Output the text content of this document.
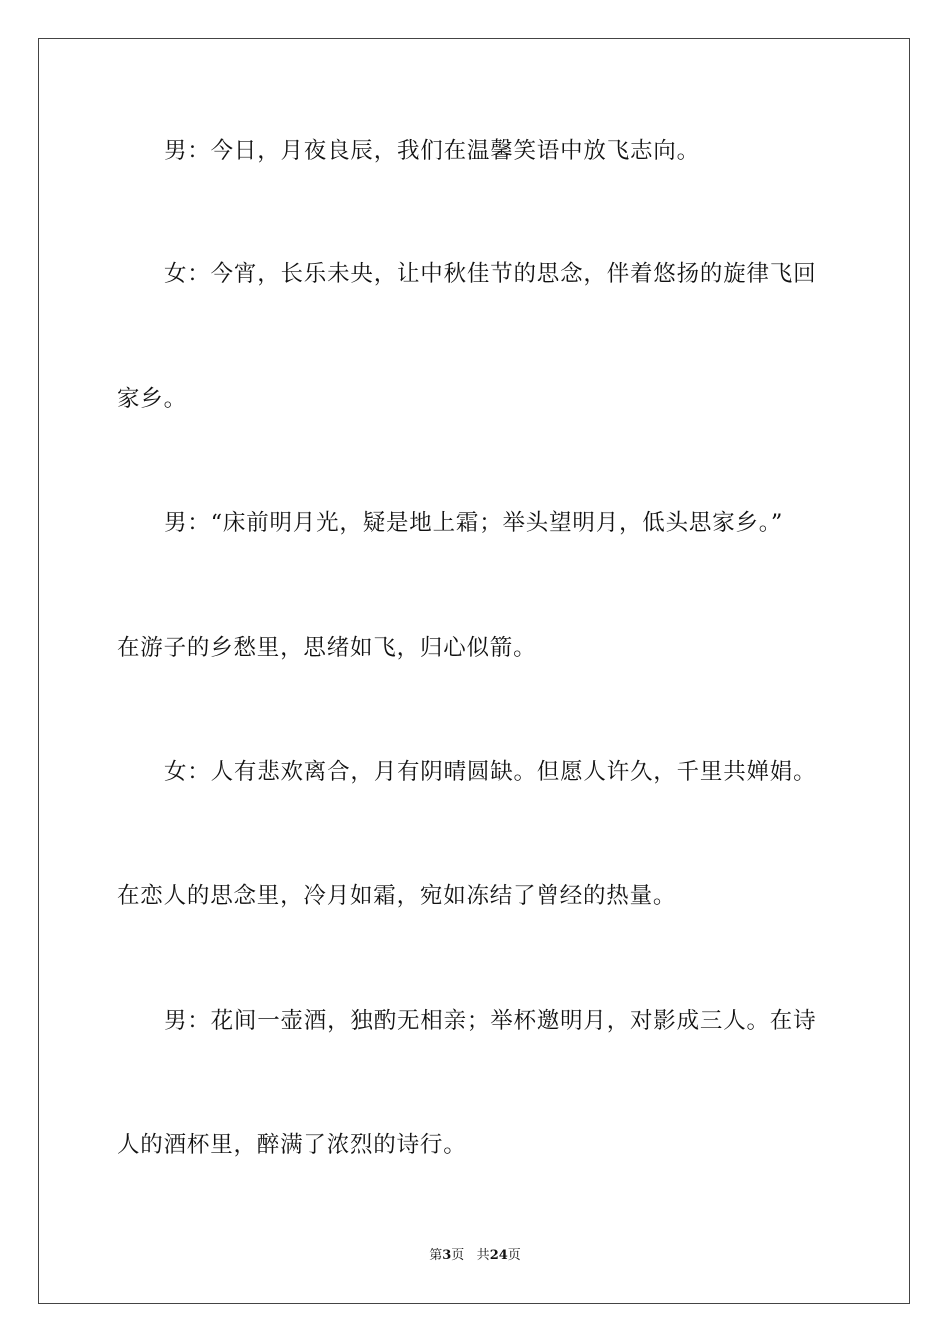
男：今日，月夜良辰，我们在温馨笑语中放飞志向。
女：今宵，长乐未央，让中秋佳节的思念，伴着悠扬的旋律飞回
家乡。
男：“床前明月光，疑是地上霜；举头望明月，低头思家乡。”
在游子的乡愁里，思绪如飞，归心似箭。
女：人有悲欢离合，月有阴晴圆缺。但愿人许久，千里共婵娟。
在恋人的思念里，冷月如霜，宛如冻结了曾经的热量。
男：花间一壶酒，独酌无相亲；举杯邀明月，对影成三人。在诗
人的酒杯里，醉满了浓烈的诗行。
第3页 共24页
